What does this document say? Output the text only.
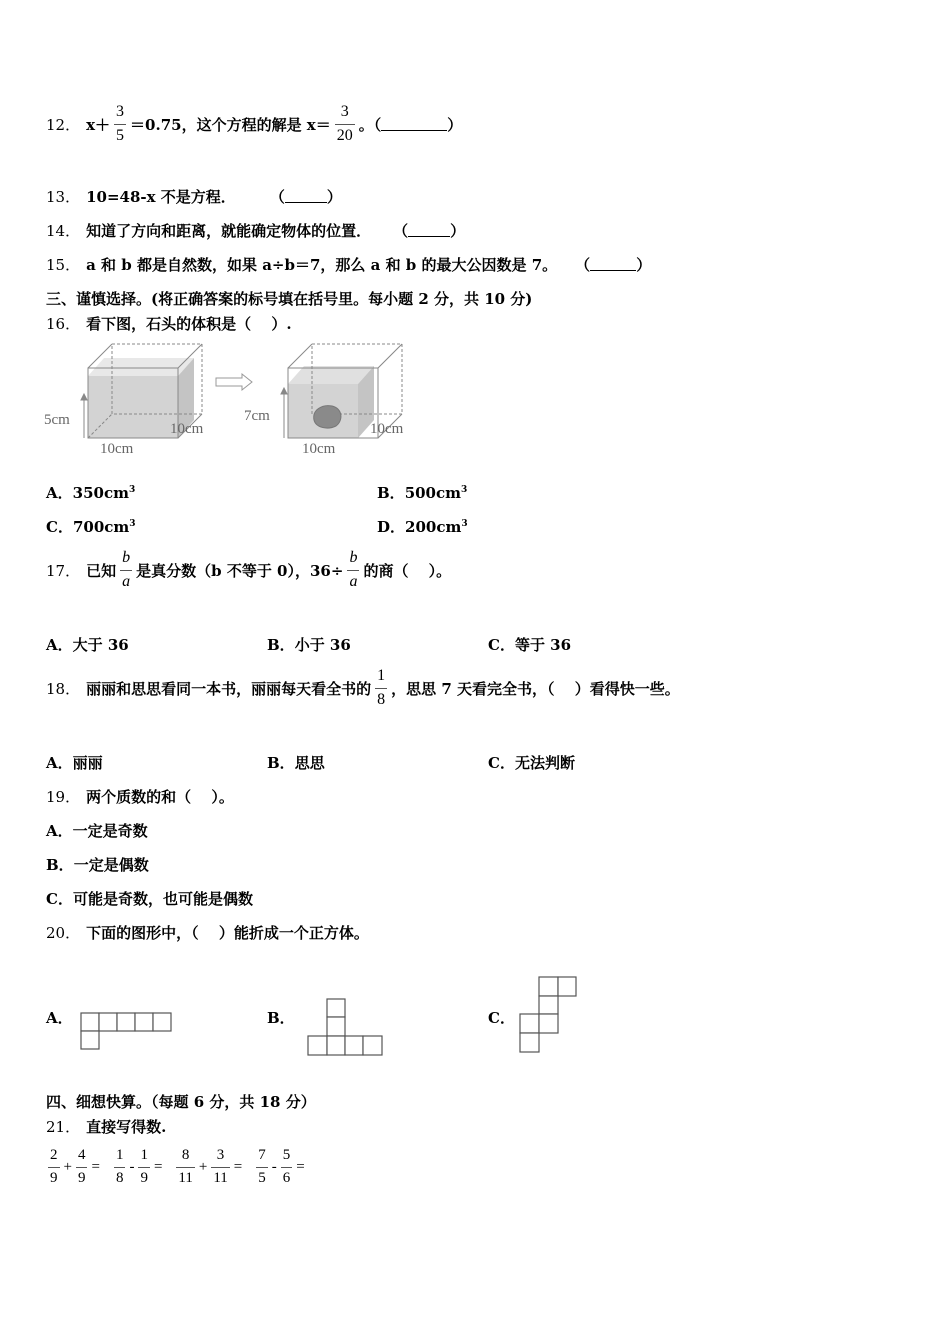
12． $x+ \frac{3}{5} =0.75$，这个方程的解是 $x= \frac{3}{20}$ 。（	）
13． 10=48-x 不是方程． （	）
14． 知道了方向和距离，就能确定物体的位置． （	）
15． a 和 b 都是自然数，如果 a÷b＝7，那么 a 和 b 的最大公因数是 7。 （	）
三、谨慎选择。(将正确答案的标号填在括号里。每小题 2 分，共 10 分)
16． 看下图，石头的体积是（　 ）.
5cm
10cm
10cm
7cm
10cm
10cm
A．$350cm^3$	B．$500cm^3$
C．$700cm^3$	D．$200cm^3$
17． 已知 $\frac{b}{a}$ 是真分数（b 不等于 0），$36\div \frac{b}{a}$ 的商（　 ）。
A．大于 36	B．小于 36	C．等于 36
18． 丽丽和思思看同一本书，丽丽每天看全书的 $\frac{1}{8}$ ，思思 7 天看完全书，（　 ）看得快一些。
A．丽丽	B．思思	C．无法判断
19． 两个质数的和（　 ）。
A．一定是奇数
B．一定是偶数
C．可能是奇数，也可能是偶数
20． 下面的图形中，（　 ）能折成一个正方体。
A．	B．	C．
四、细想快算。（每题 6 分，共 18 分）
21． 直接写得数.
$\frac{2}{9} + \frac{4}{9} = \frac{1}{8} - \frac{1}{9} = \frac{8}{11} + \frac{3}{11} = \frac{7}{5} - \frac{5}{6}$ =
